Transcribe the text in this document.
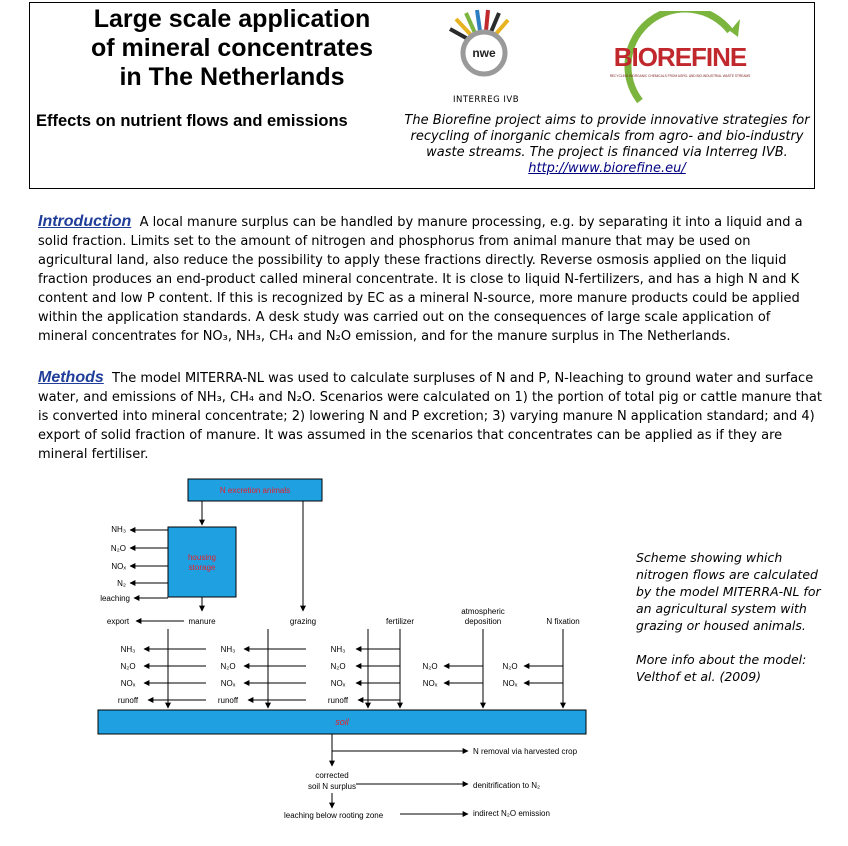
Large scale application
of mineral concentrates
in The Netherlands
Effects on nutrient flows and emissions
nwe
INTERREG IVB
BIOREFINE
RECYCLING INORGANIC CHEMICALS FROM AGRO- AND BIO-INDUSTRIAL WASTE STREAMS
The Biorefine project aims to provide innovative strategies for recycling of inorganic chemicals from agro- and bio-industry waste streams. The project is financed via Interreg IVB.
http://www.biorefine.eu/
Introduction A local manure surplus can be handled by manure processing, e.g. by separating it into a liquid and a solid fraction. Limits set to the amount of nitrogen and phosphorus from animal manure that may be used on agricultural land, also reduce the possibility to apply these fractions directly. Reverse osmosis applied on the liquid fraction produces an end-product called mineral concentrate. It is close to liquid N-fertilizers, and has a high N and K content and low P content. If this is recognized by EC as a mineral N-source, more manure products could be applied within the application standards. A desk study was carried out on the consequences of large scale application of mineral concentrates for NO₃, NH₃, CH₄ and N₂O emission, and for the manure surplus in The Netherlands.
Methods The model MITERRA-NL was used to calculate surpluses of N and P, N-leaching to ground water and surface water, and emissions of NH₃, CH₄ and N₂O. Scenarios were calculated on 1) the portion of total pig or cattle manure that is converted into mineral concentrate; 2) lowering N and P excretion; 3) varying manure N application standard; and 4) export of solid fraction of manure. It was assumed in the scenarios that concentrates can be applied as if they are mineral fertiliser.
N excretion animals
housing
storage
NH₃
N₂O
NOₓ
N₂
leaching
export	manure	grazing	fertilizer
atmospheric
deposition	N fixation
NH₃
N₂O
NOₓ
runoff
NH₃
N₂O
NOₓ
runoff
NH₃
N₂O
NOₓ
runoff
N₂O
NOₓ
N₂O
NOₓ
soil
N removal via harvested crop
corrected
soil N surplus	denitrification to N₂
leaching below rooting zone	indirect N₂O emission

Scheme showing which nitrogen flows are calculated by the model MITERRA-NL for an agricultural system with grazing or housed animals.

More info about the model: Velthof et al. (2009)
